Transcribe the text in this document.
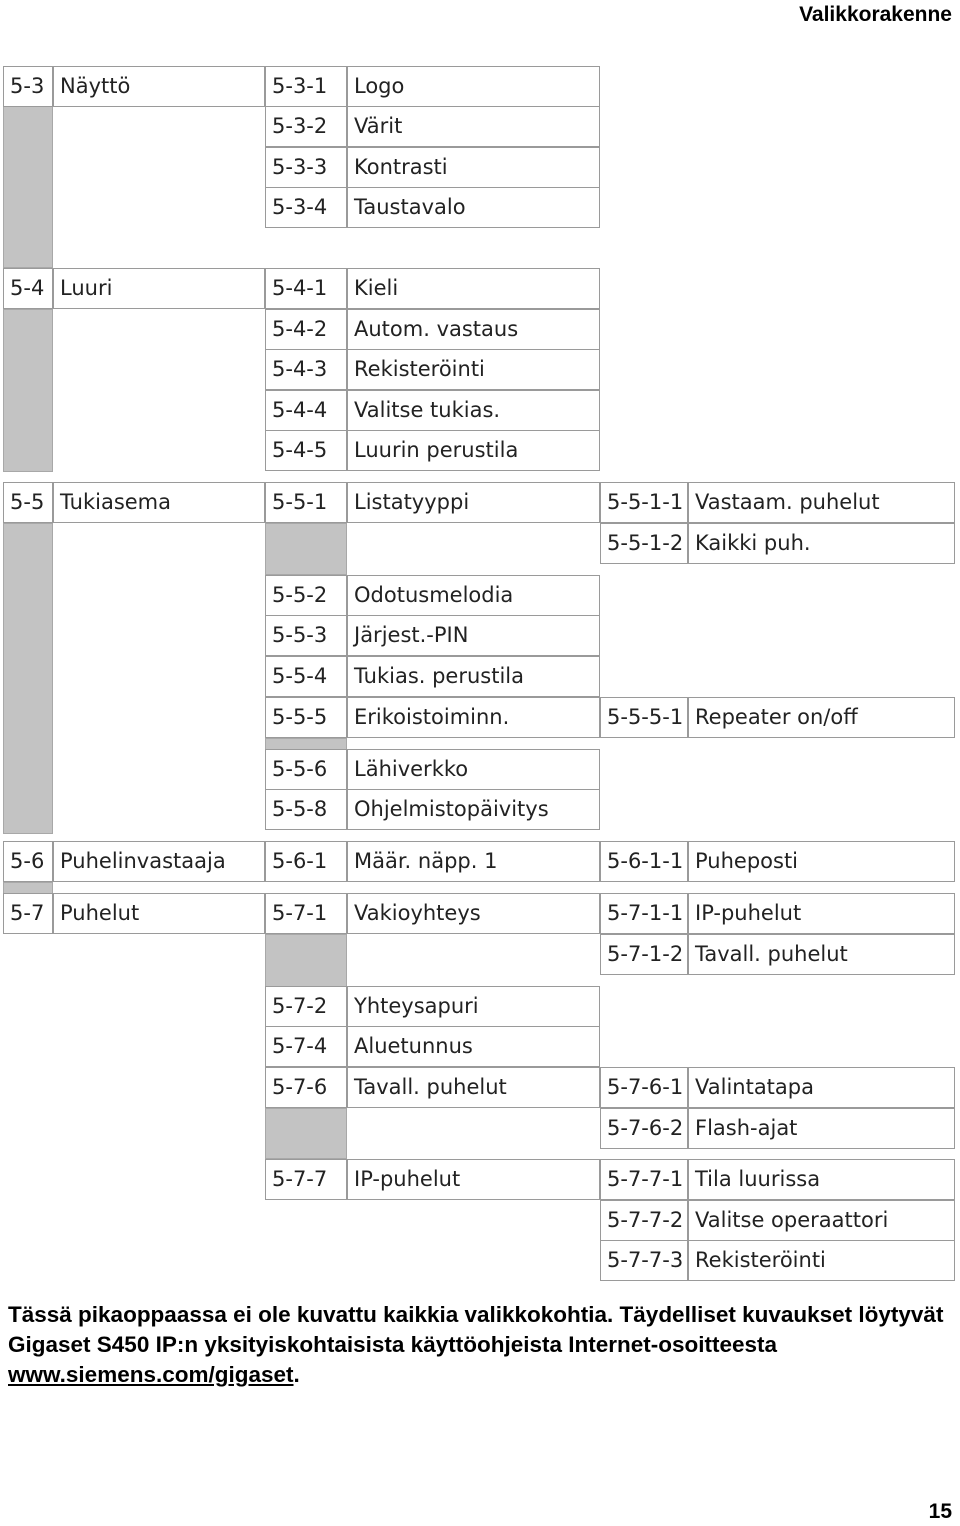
Valikkorakenne
5-3 Näyttö	5-3-1	Logo
5-3-2	Värit
5-3-3	Kontrasti
5-3-4	Taustavalo
5-4 Luuri	5-4-1	Kieli
5-4-2	Autom. vastaus
5-4-3	Rekisteröinti
5-4-4	Valitse tukias.
5-4-5	Luurin perustila
5-5 Tukiasema	5-5-1	Listatyyppi	5-5-1-1 Vastaam. puhelut
5-5-1-2 Kaikki puh.
5-5-2	Odotusmelodia
5-5-3	Järjest.-PIN
5-5-4	Tukias. perustila
5-5-5	Erikoistoiminn.	5-5-5-1 Repeater on/off
5-5-6	Lähiverkko
5-5-8	Ohjelmistopäivitys
5-6 Puhelinvastaaja	5-6-1	Määr. näpp. 1	5-6-1-1 Puheposti
5-7 Puhelut	5-7-1	Vakioyhteys	5-7-1-1 IP-puhelut
5-7-1-2 Tavall. puhelut
5-7-2	Yhteysapuri
5-7-4	Aluetunnus
5-7-6	Tavall. puhelut	5-7-6-1 Valintatapa
5-7-6-2 Flash-ajat
5-7-7	IP-puhelut	5-7-7-1 Tila luurissa
5-7-7-2 Valitse operaattori
5-7-7-3 Rekisteröinti
Tässä pikaoppaassa ei ole kuvattu kaikkia valikkokohtia. Täydelliset kuvaukset löytyvät Gigaset S450 IP:n yksityiskohtaisista käyttöohjeista Internet-osoitteesta www.siemens.com/gigaset.
15
